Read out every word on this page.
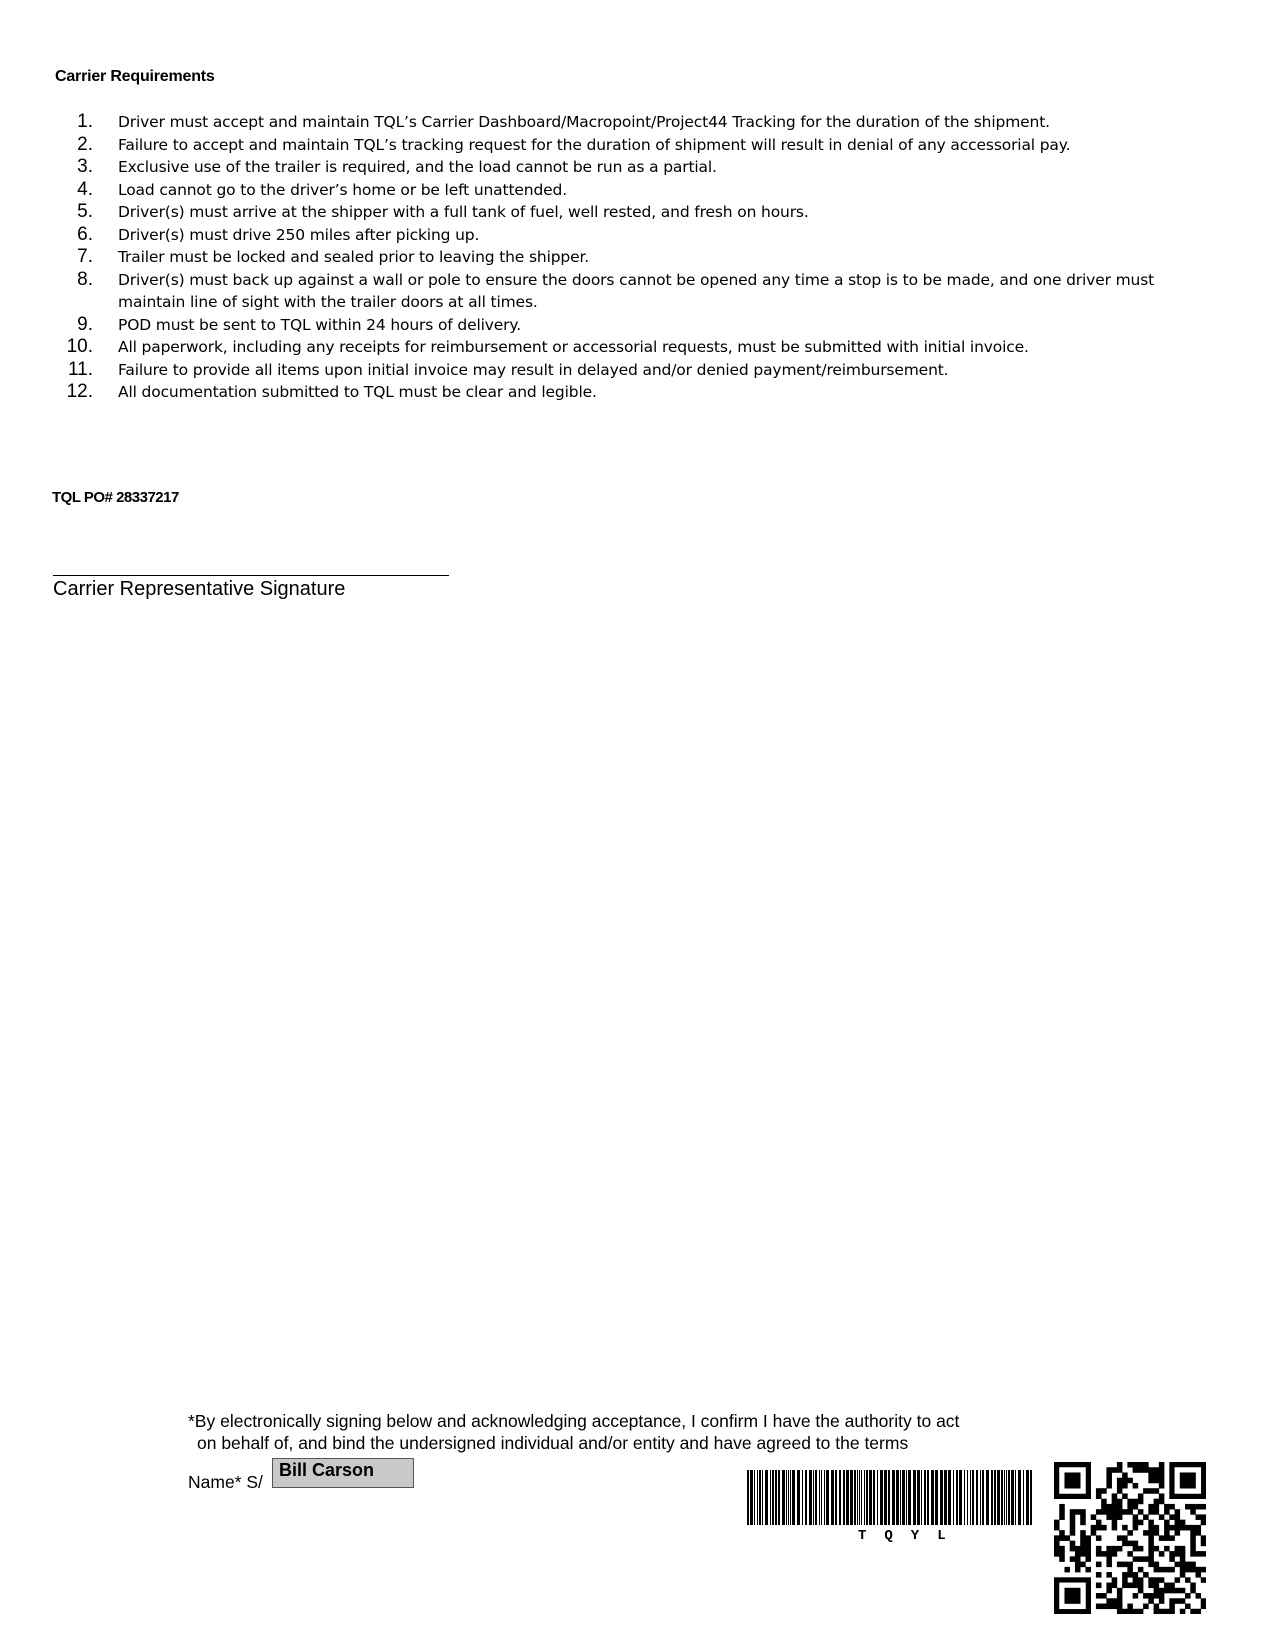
Carrier Requirements
1. Driver must accept and maintain TQL’s Carrier Dashboard/Macropoint/Project44 Tracking for the duration of the shipment.
2. Failure to accept and maintain TQL’s tracking request for the duration of shipment will result in denial of any accessorial pay.
3. Exclusive use of the trailer is required, and the load cannot be run as a partial.
4. Load cannot go to the driver’s home or be left unattended.
5. Driver(s) must arrive at the shipper with a full tank of fuel, well rested, and fresh on hours.
6. Driver(s) must drive 250 miles after picking up.
7. Trailer must be locked and sealed prior to leaving the shipper.
8. Driver(s) must back up against a wall or pole to ensure the doors cannot be opened any time a stop is to be made, and one driver must maintain line of sight with the trailer doors at all times.
9. POD must be sent to TQL within 24 hours of delivery.
10. All paperwork, including any receipts for reimbursement or accessorial requests, must be submitted with initial invoice.
11. Failure to provide all items upon initial invoice may result in delayed and/or denied payment/reimbursement.
12. All documentation submitted to TQL must be clear and legible.
TQL PO# 28337217
Carrier Representative Signature
*By electronically signing below and acknowledging acceptance, I confirm I have the authority to act
on behalf of, and bind the undersigned individual and/or entity and have agreed to the terms
Name* S/
Bill Carson
TQYL
